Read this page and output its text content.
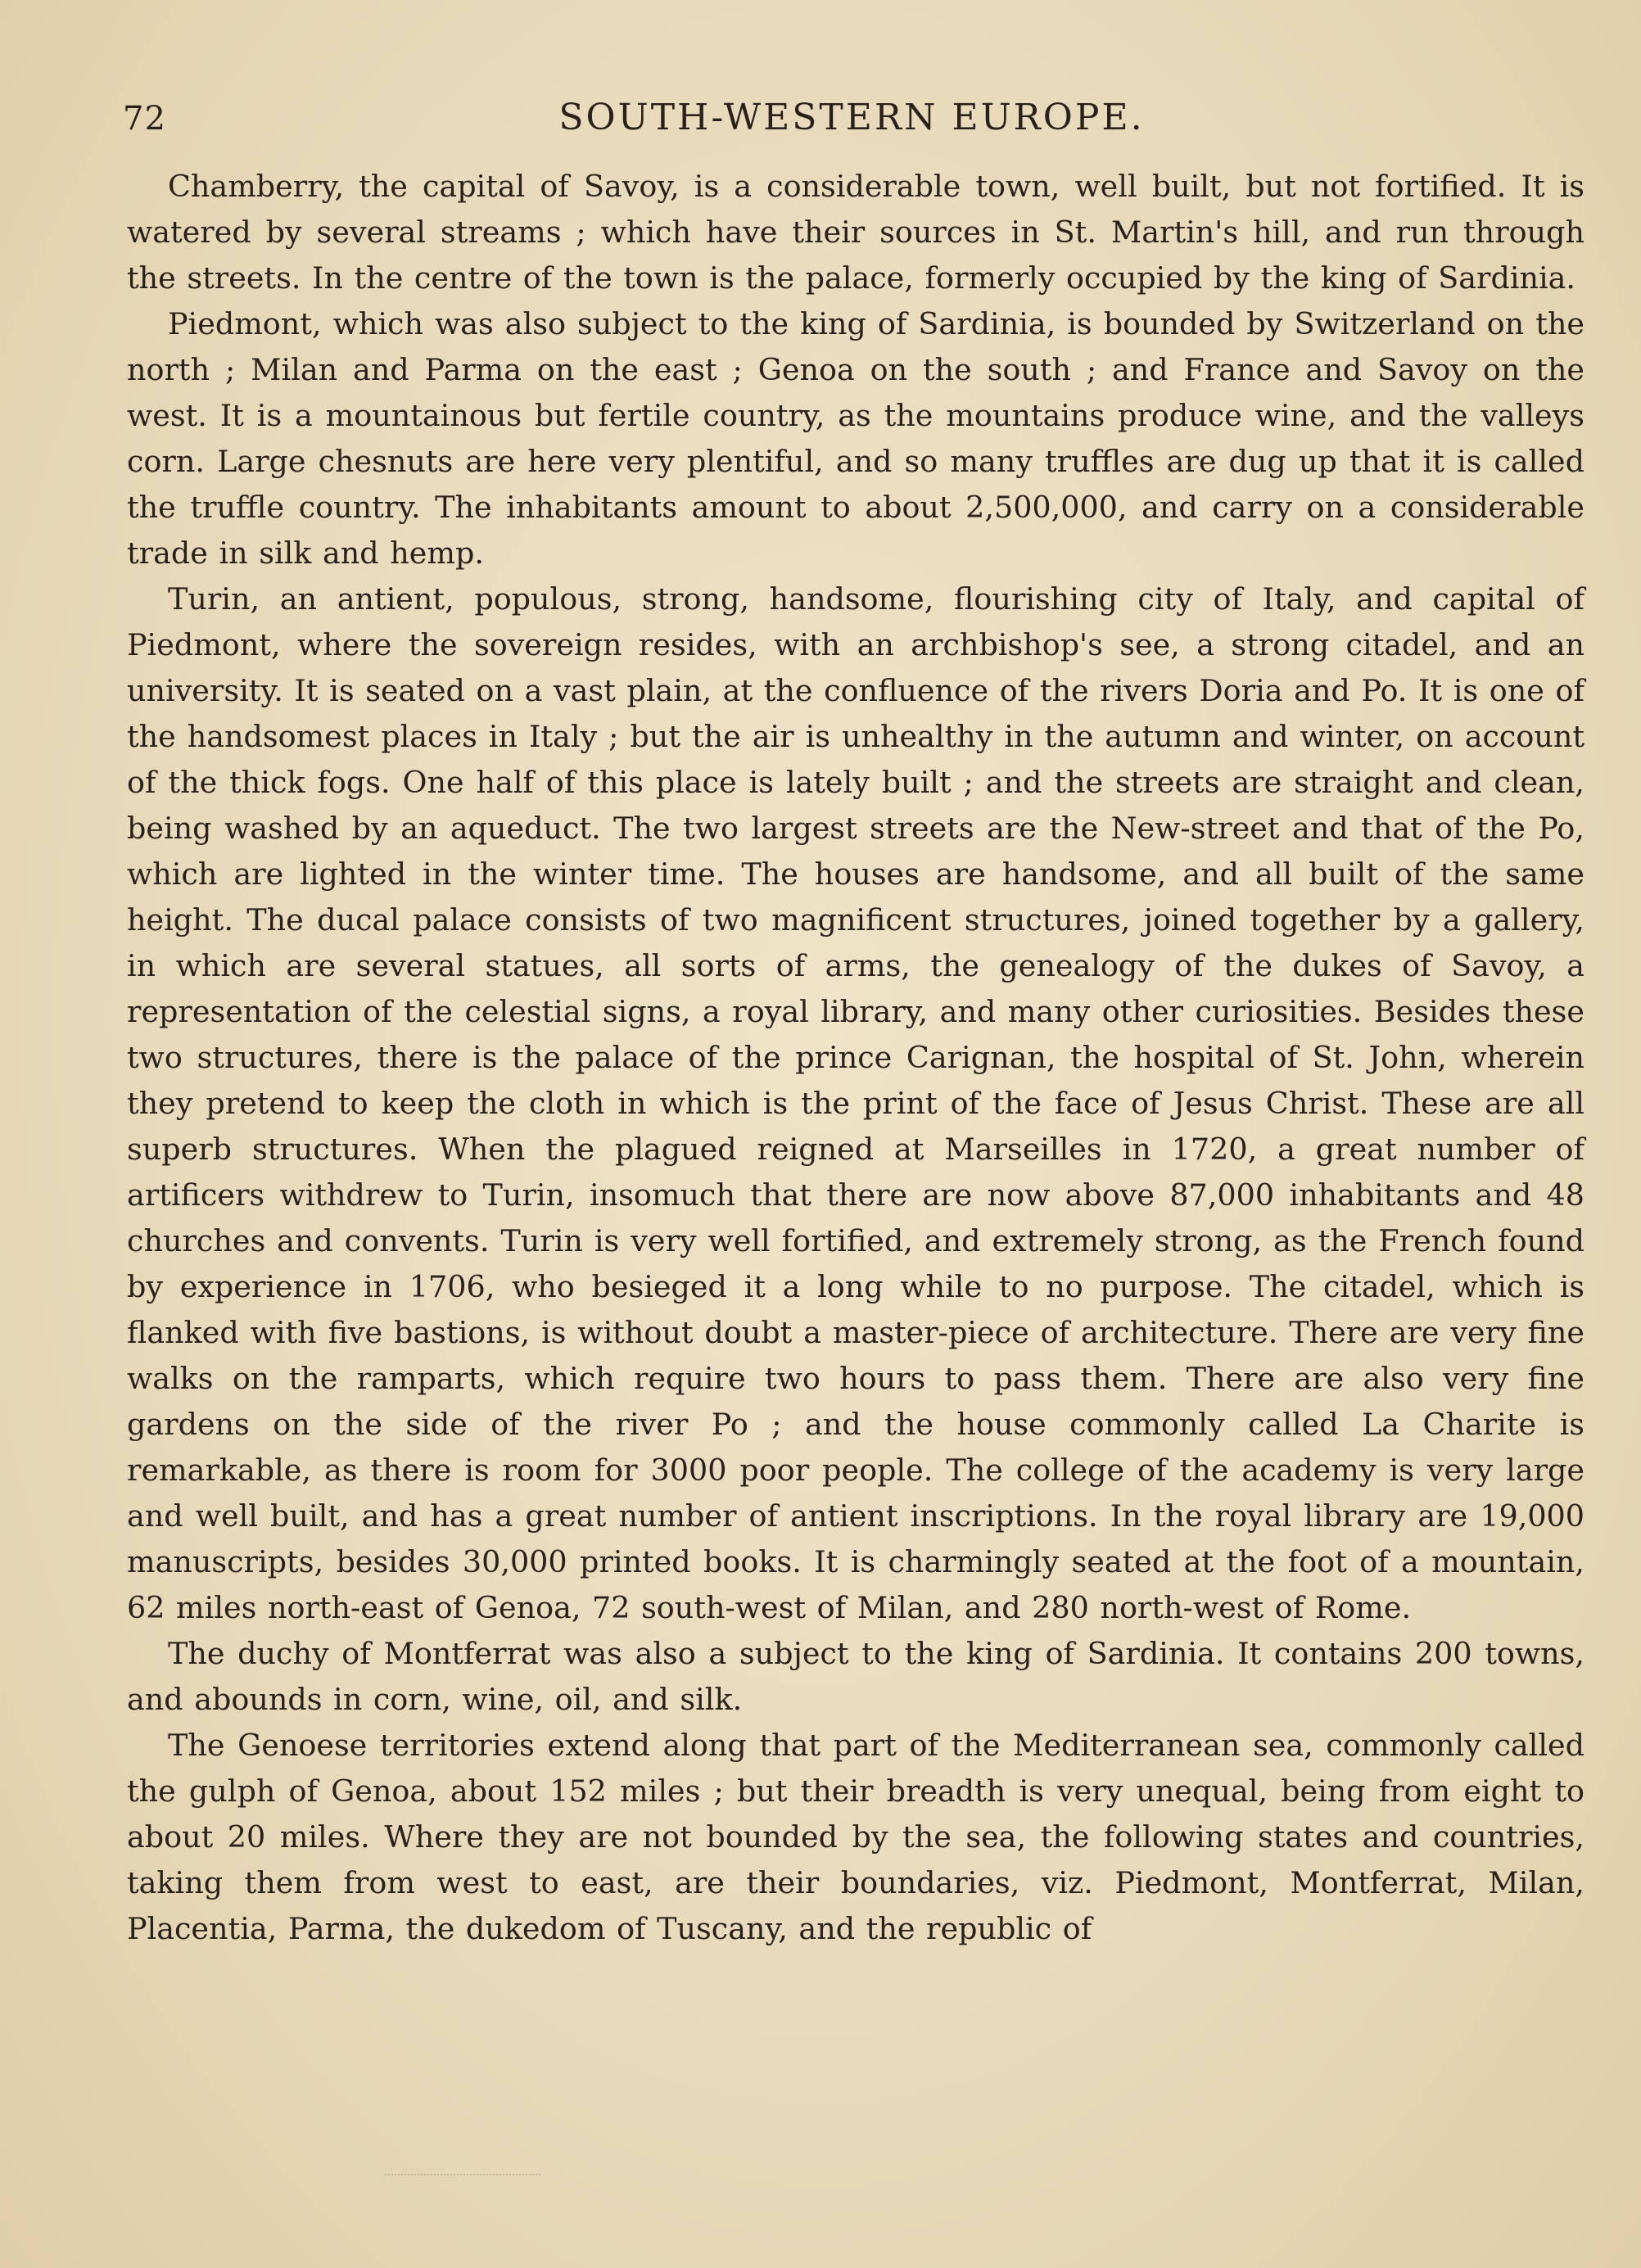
72	SOUTH-WESTERN EUROPE.

Chamberry, the capital of Savoy, is a considerable town, well built, but not fortified. It is watered by several streams ; which have their sources in St. Martin's hill, and run through the streets. In the centre of the town is the palace, formerly occupied by the king of Sardinia.

Piedmont, which was also subject to the king of Sardinia, is bounded by Switzerland on the north ; Milan and Parma on the east ; Genoa on the south ; and France and Savoy on the west. It is a mountainous but fertile country, as the mountains produce wine, and the valleys corn. Large chesnuts are here very plentiful, and so many truffles are dug up that it is called the truffle country. The inhabitants amount to about 2,500,000, and carry on a considerable trade in silk and hemp.

Turin, an antient, populous, strong, handsome, flourishing city of Italy, and capital of Piedmont, where the sovereign resides, with an archbishop's see, a strong citadel, and an university. It is seated on a vast plain, at the confluence of the rivers Doria and Po. It is one of the handsomest places in Italy ; but the air is unhealthy in the autumn and winter, on account of the thick fogs. One half of this place is lately built ; and the streets are straight and clean, being washed by an aqueduct. The two largest streets are the New-street and that of the Po, which are lighted in the winter time. The houses are handsome, and all built of the same height. The ducal palace consists of two magnificent structures, joined together by a gallery, in which are several statues, all sorts of arms, the genealogy of the dukes of Savoy, a representation of the celestial signs, a royal library, and many other curiosities. Besides these two structures, there is the palace of the prince Carignan, the hospital of St. John, wherein they pretend to keep the cloth in which is the print of the face of Jesus Christ. These are all superb structures. When the plagued reigned at Marseilles in 1720, a great number of artificers withdrew to Turin, insomuch that there are now above 87,000 inhabitants and 48 churches and convents. Turin is very well fortified, and extremely strong, as the French found by experience in 1706, who besieged it a long while to no purpose. The citadel, which is flanked with five bastions, is without doubt a master-piece of architecture. There are very fine walks on the ramparts, which require two hours to pass them. There are also very fine gardens on the side of the river Po ; and the house commonly called La Charite is remarkable, as there is room for 3000 poor people. The college of the academy is very large and well built, and has a great number of antient inscriptions. In the royal library are 19,000 manuscripts, besides 30,000 printed books. It is charmingly seated at the foot of a mountain, 62 miles north-east of Genoa, 72 south-west of Milan, and 280 north-west of Rome.

The duchy of Montferrat was also a subject to the king of Sardinia. It contains 200 towns, and abounds in corn, wine, oil, and silk.

The Genoese territories extend along that part of the Mediterranean sea, commonly called the gulph of Genoa, about 152 miles ; but their breadth is very unequal, being from eight to about 20 miles. Where they are not bounded by the sea, the following states and countries, taking them from west to east, are their boundaries, viz. Piedmont, Montferrat, Milan, Placentia, Parma, the dukedom of Tuscany, and the republic of
